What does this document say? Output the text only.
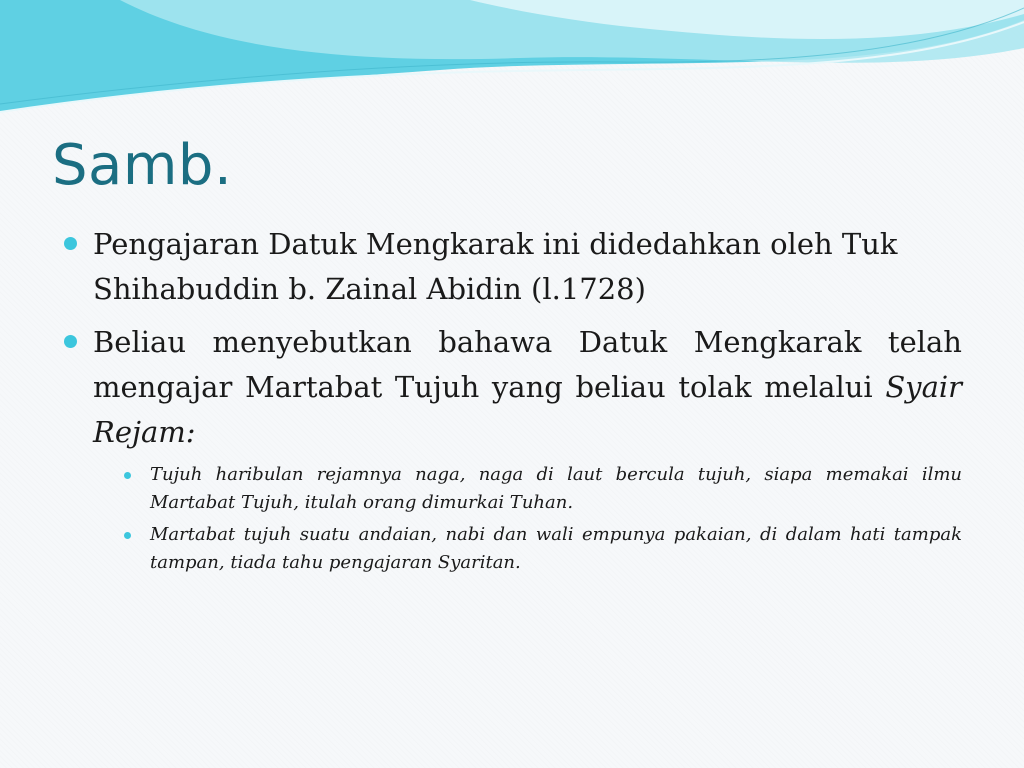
Samb.
Pengajaran Datuk Mengkarak ini didedahkan oleh Tuk Shihabuddin b. Zainal Abidin (l.1728)
Beliau menyebutkan bahawa Datuk Mengkarak telah mengajar Martabat Tujuh yang beliau tolak melalui Syair Rejam:
Tujuh haribulan rejamnya naga, naga di laut bercula tujuh, siapa memakai ilmu Martabat Tujuh, itulah orang dimurkai Tuhan.
Martabat tujuh suatu andaian, nabi dan wali empunya pakaian, di dalam hati tampak tampan, tiada tahu pengajaran Syaritan.
